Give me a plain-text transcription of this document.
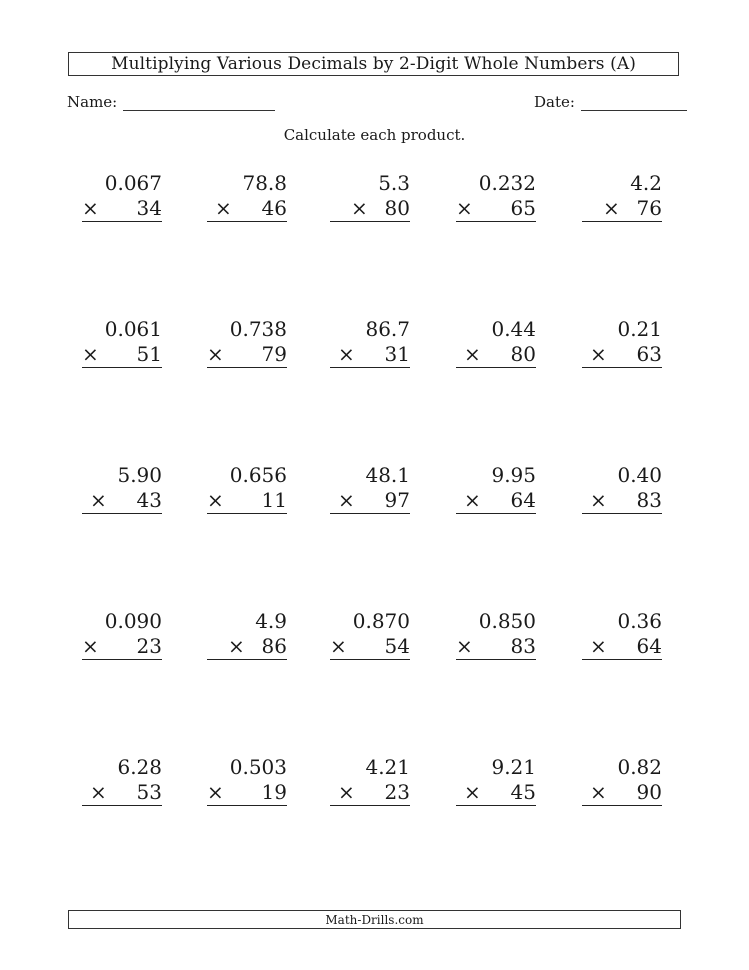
Multiplying Various Decimals by 2-Digit Whole Numbers (A)
Name:	Date:
Calculate each product.
0.067
× 34
78.8
× 46
5.3
× 80
0.232
× 65
4.2
× 76
0.061
× 51
0.738
× 79
86.7
× 31
0.44
× 80
0.21
× 63
5.90
× 43
0.656
× 11
48.1
× 97
9.95
× 64
0.40
× 83
0.090
× 23
4.9
× 86
0.870
× 54
0.850
× 83
0.36
× 64
6.28
× 53
0.503
× 19
4.21
× 23
9.21
× 45
0.82
× 90
Math-Drills.com
